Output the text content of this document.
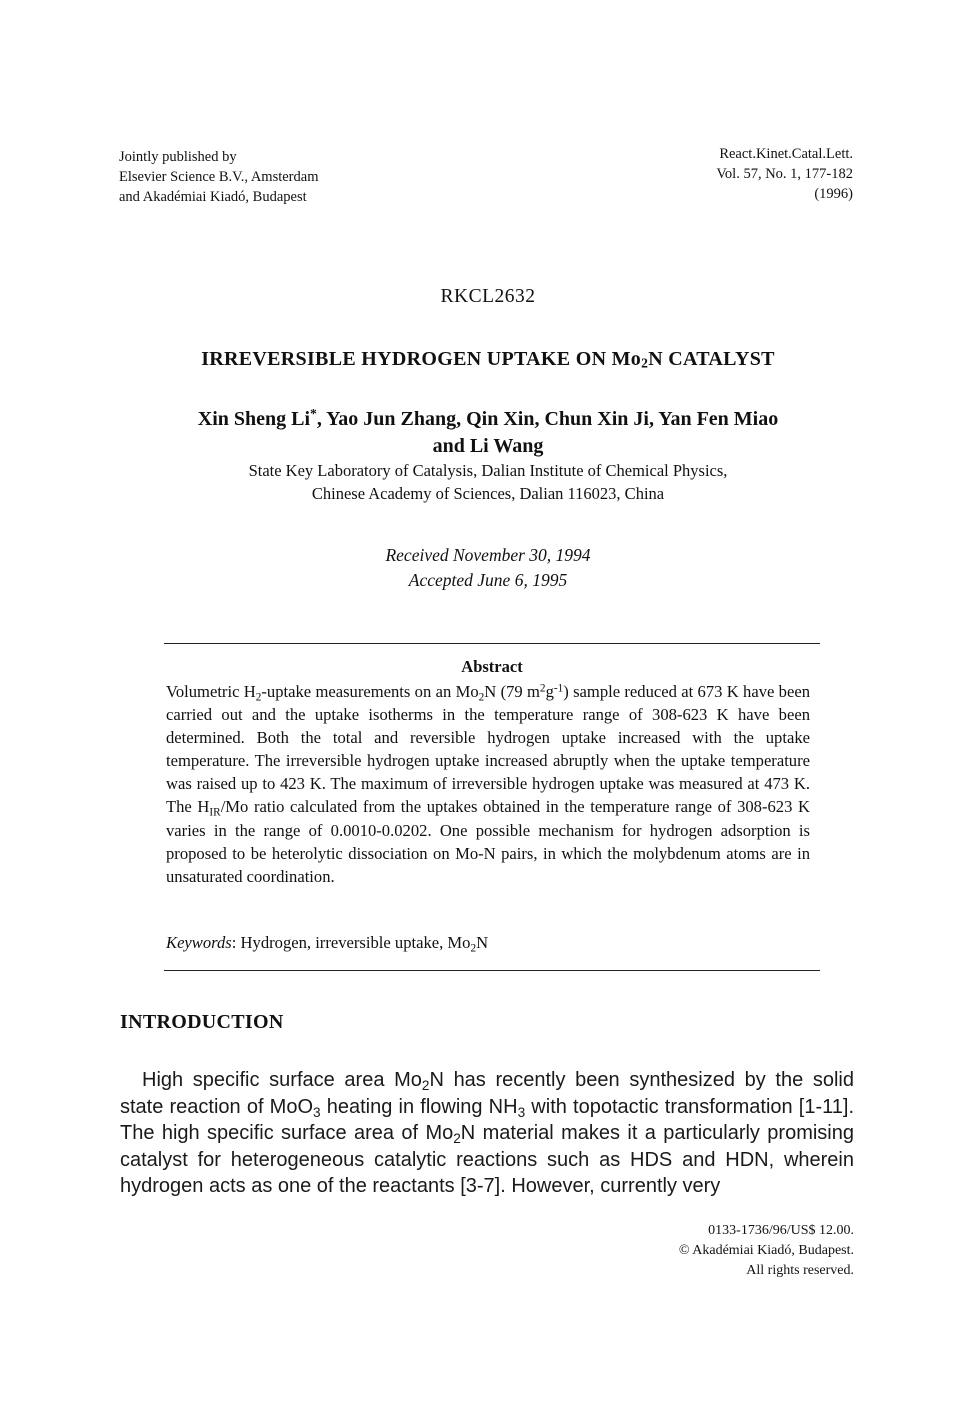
Jointly published by
Elsevier Science B.V., Amsterdam
and Akadémiai Kiadó, Budapest
React.Kinet.Catal.Lett.
Vol. 57, No. 1, 177-182
(1996)
RKCL2632
IRREVERSIBLE HYDROGEN UPTAKE ON Mo2N CATALYST
Xin Sheng Li*, Yao Jun Zhang, Qin Xin, Chun Xin Ji, Yan Fen Miao
and Li Wang
State Key Laboratory of Catalysis, Dalian Institute of Chemical Physics,
Chinese Academy of Sciences, Dalian 116023, China
Received November 30, 1994
Accepted June 6, 1995
Abstract
Volumetric $H_2$-uptake measurements on an $Mo_2N$ (79 $m^2g^{-1}$) sample reduced at 673 K have been carried out and the uptake isotherms in the temperature range of 308-623 K have been determined. Both the total and reversible hydrogen uptake increased with the uptake temperature. The irreversible hydrogen uptake increased abruptly when the uptake temperature was raised up to 423 K. The maximum of irreversible hydrogen uptake was measured at 473 K. The $H_{IR}/Mo$ ratio calculated from the uptakes obtained in the temperature range of 308-623 K varies in the range of 0.0010-0.0202. One possible mechanism for hydrogen adsorption is proposed to be heterolytic dissociation on Mo-N pairs, in which the molybdenum atoms are in unsaturated coordination.
Keywords: Hydrogen, irreversible uptake, $Mo_2N$
INTRODUCTION
High specific surface area $Mo_2N$ has recently been synthesized by the solid state reaction of MoO$_3$ heating in flowing $NH_3$ with topotactic transformation [1-11]. The high specific surface area of $Mo_2N$ material makes it a particularly promising catalyst for heterogeneous catalytic reactions such as HDS and HDN, wherein hydrogen acts as one of the reactants [3-7]. However, currently very
0133-1736/96/US$ 12.00.
© Akadémiai Kiadó, Budapest.
All rights reserved.
